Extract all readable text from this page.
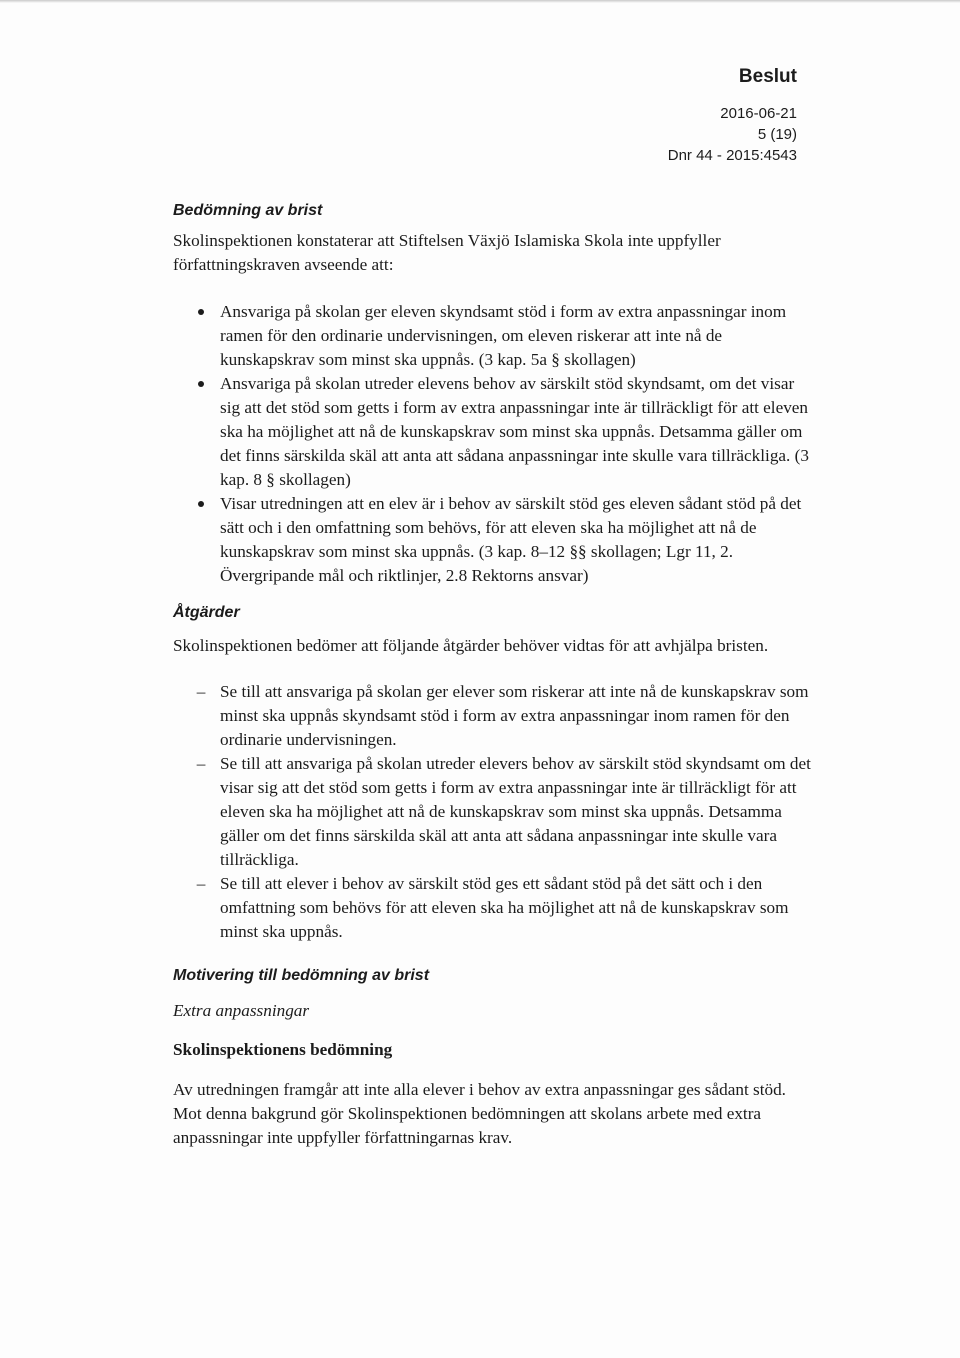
Beslut
2016-06-21
5 (19)
Dnr 44 - 2015:4543
Bedömning av brist

Skolinspektionen konstaterar att Stiftelsen Växjö Islamiska Skola inte uppfyller författningskraven avseende att:

Ansvariga på skolan ger eleven skyndsamt stöd i form av extra anpassningar inom ramen för den ordinarie undervisningen, om eleven riskerar att inte nå de kunskapskrav som minst ska uppnås. (3 kap. 5a § skollagen)
Ansvariga på skolan utreder elevens behov av särskilt stöd skyndsamt, om det visar sig att det stöd som getts i form av extra anpassningar inte är tillräckligt för att eleven ska ha möjlighet att nå de kunskapskrav som minst ska uppnås. Detsamma gäller om det finns särskilda skäl att anta att sådana anpassningar inte skulle vara tillräckliga. (3 kap. 8 § skollagen)
Visar utredningen att en elev är i behov av särskilt stöd ges eleven sådant stöd på det sätt och i den omfattning som behövs, för att eleven ska ha möjlighet att nå de kunskapskrav som minst ska uppnås. (3 kap. 8–12 §§ skollagen; Lgr 11, 2. Övergripande mål och riktlinjer, 2.8 Rektorns ansvar)
Åtgärder

Skolinspektionen bedömer att följande åtgärder behöver vidtas för att avhjälpa bristen.

– Se till att ansvariga på skolan ger elever som riskerar att inte nå de kunskapskrav som minst ska uppnås skyndsamt stöd i form av extra anpassningar inom ramen för den ordinarie undervisningen.
– Se till att ansvariga på skolan utreder elevers behov av särskilt stöd skyndsamt om det visar sig att det stöd som getts i form av extra anpassningar inte är tillräckligt för att eleven ska ha möjlighet att nå de kunskapskrav som minst ska uppnås. Detsamma gäller om det finns särskilda skäl att anta att sådana anpassningar inte skulle vara tillräckliga.
– Se till att elever i behov av särskilt stöd ges ett sådant stöd på det sätt och i den omfattning som behövs för att eleven ska ha möjlighet att nå de kunskapskrav som minst ska uppnås.
Motivering till bedömning av brist
Extra anpassningar
Skolinspektionens bedömning

Av utredningen framgår att inte alla elever i behov av extra anpassningar ges sådant stöd. Mot denna bakgrund gör Skolinspektionen bedömningen att skolans arbete med extra anpassningar inte uppfyller författningarnas krav.
